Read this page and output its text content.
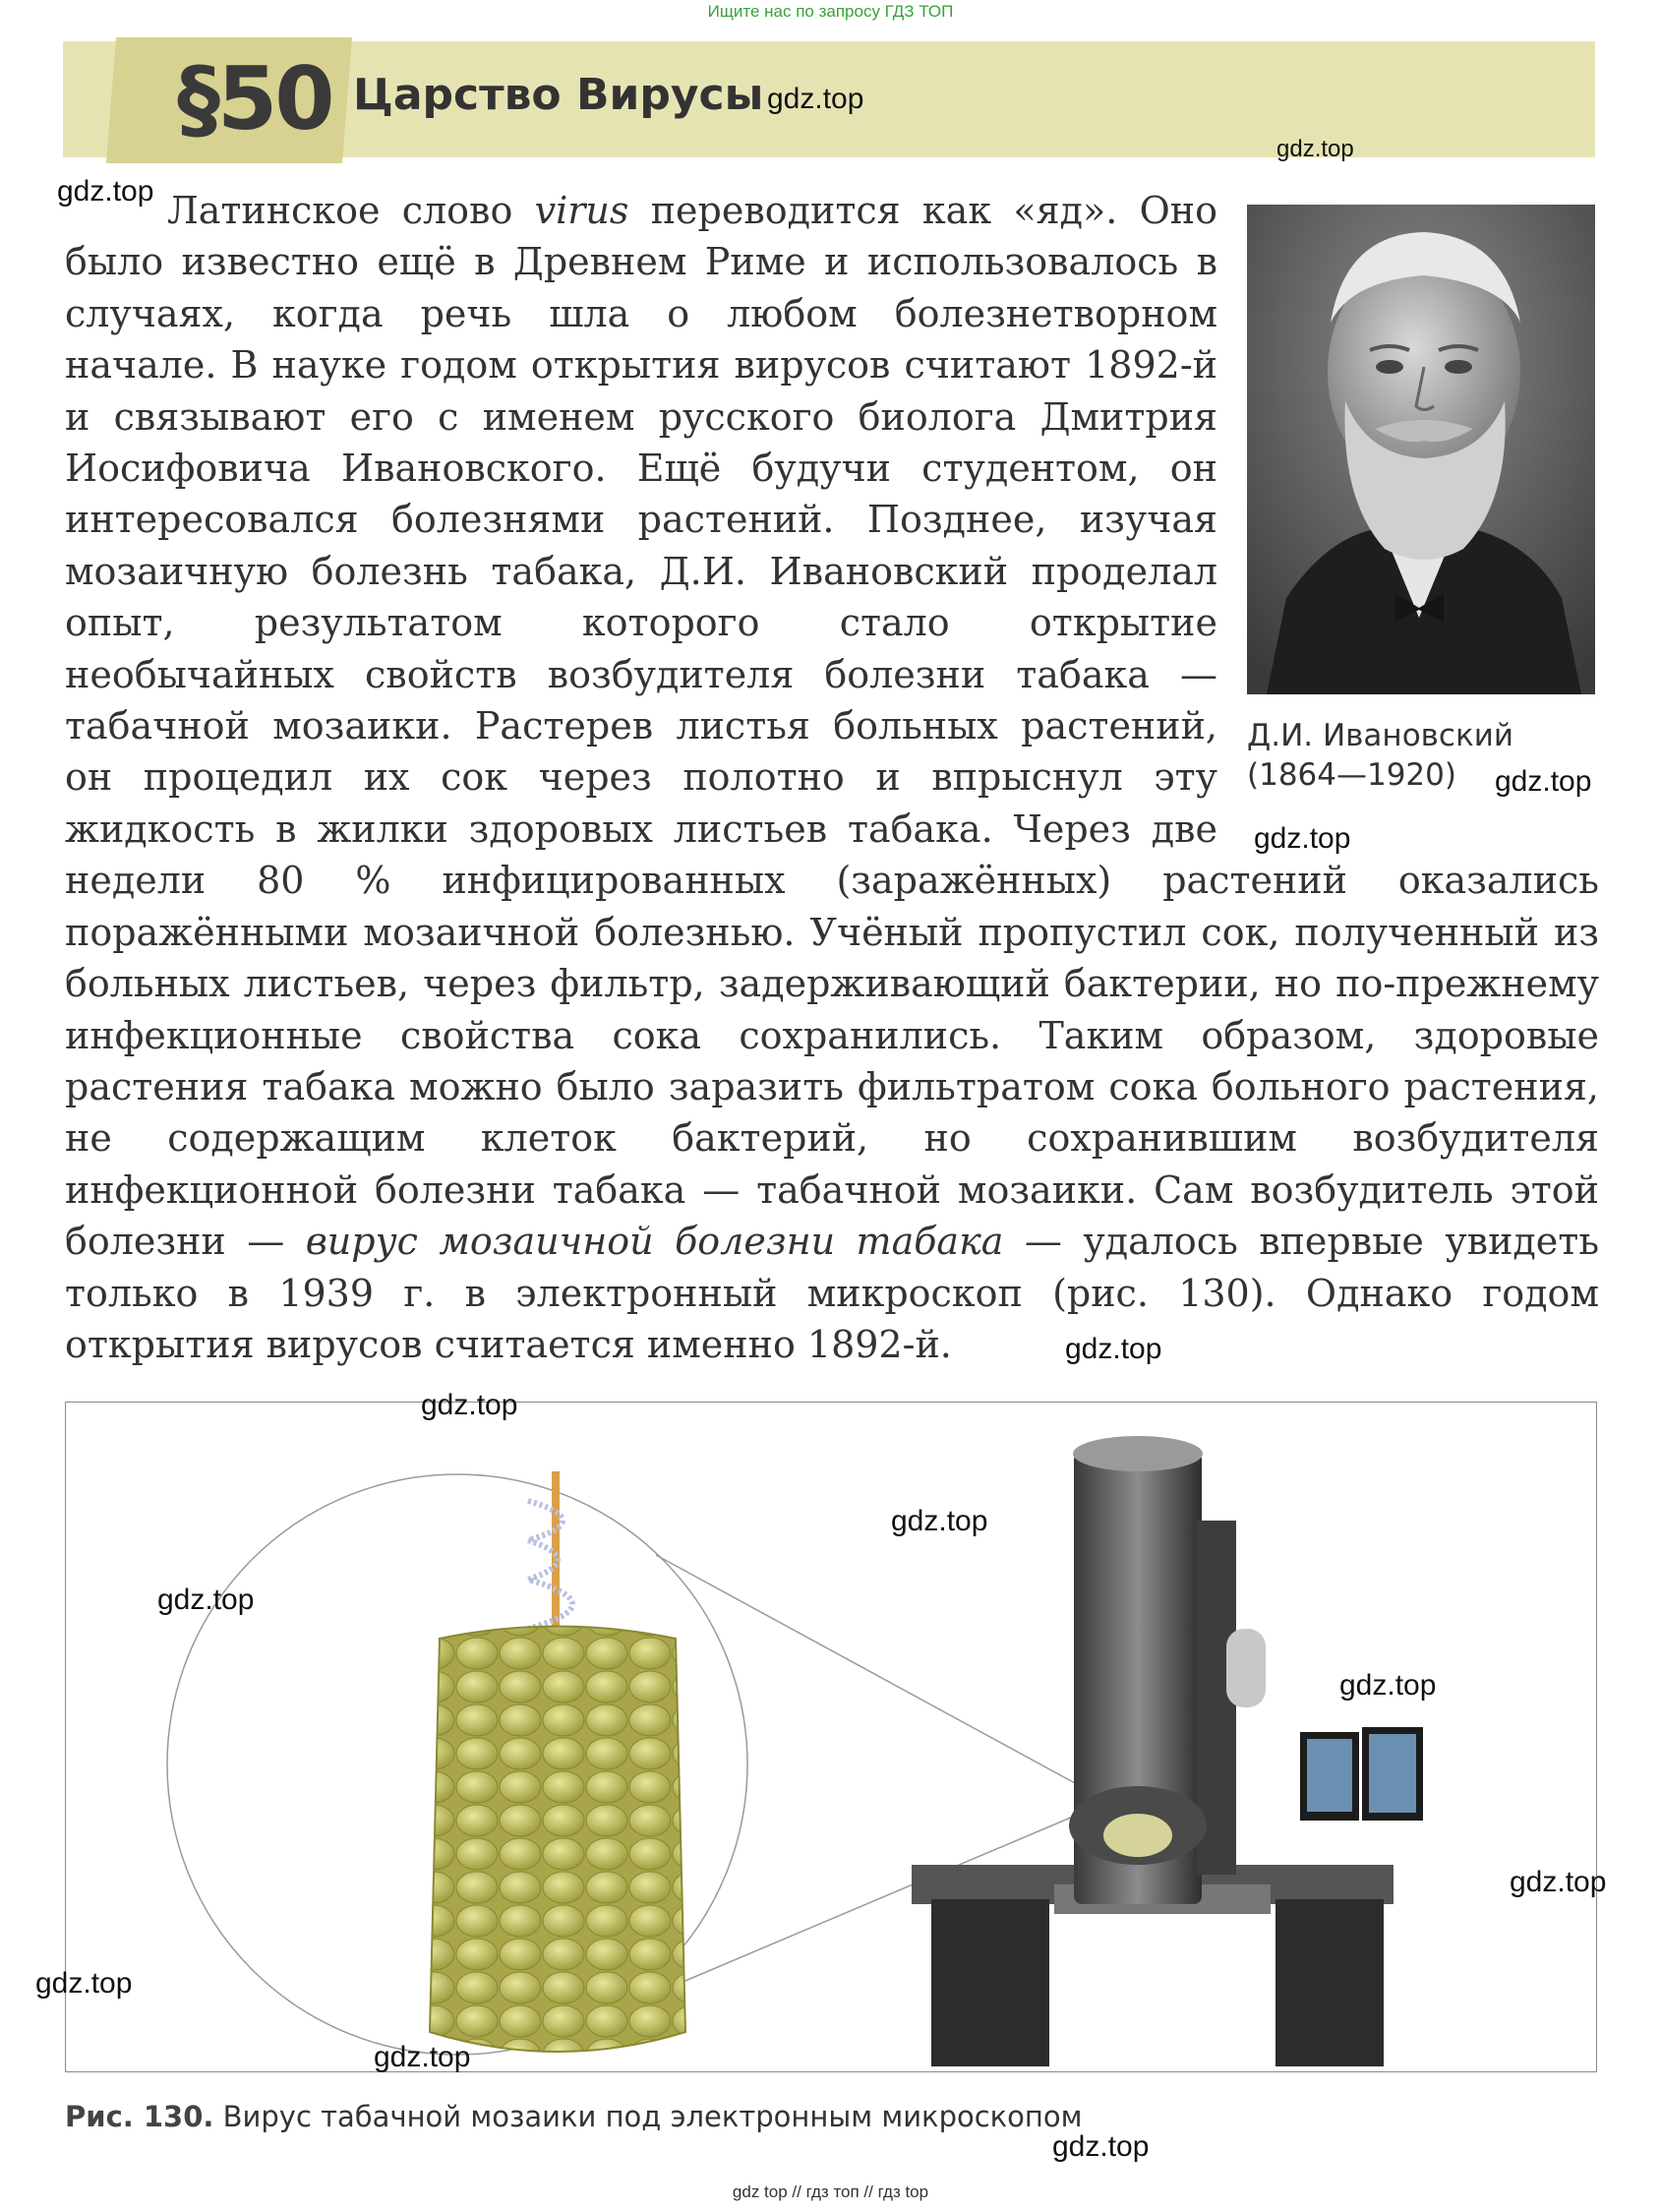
Ищите нас по запросу ГДЗ ТОП
§50 Царство Вирусы
Латинское слово virus переводится как «яд». Оно было известно ещё в Древнем Риме и использовалось в случаях, когда речь шла о любом болезнетворном начале. В науке годом открытия вирусов считают 1892-й и связывают его с именем русского биолога Дмитрия Иосифовича Ивановского. Ещё будучи студентом, он интересовался болезнями растений. Позднее, изучая мозаичную болезнь табака, Д.И. Ивановский проделал опыт, результатом которого стало открытие необычайных свойств возбудителя болезни табака — табачной мозаики. Растерев листья больных растений, он процедил их сок через полотно и впрыснул эту жидкость в жилки здоровых листьев табака. Через две недели 80 % инфицированных (заражённых) растений оказались поражёнными мозаичной болезнью. Учёный пропустил сок, полученный из больных листьев, через фильтр, задерживающий бактерии, но по-прежнему инфекционные свойства сока сохранились. Таким образом, здоровые растения табака можно было заразить фильтратом сока больного растения, не содержащим клеток бактерий, но сохранившим возбудителя инфекционной болезни табака — табачной мозаики. Сам возбудитель этой болезни — вирус мозаичной болезни табака — удалось впервые увидеть только в 1939 г. в электронный микроскоп (рис. 130). Однако годом открытия вирусов считается именно 1892-й.
Д.И. Ивановский
(1864—1920)
Рис. 130. Вирус табачной мозаики под электронным микроскопом
gdz.top
gdz.top
gdz.top
gdz.top
gdz.top
gdz.top
gdz.top
gdz.top
gdz.top
gdz.top
gdz.top
gdz.top
gdz.top
gdz.top
gdz top // гдз топ // гдз top
